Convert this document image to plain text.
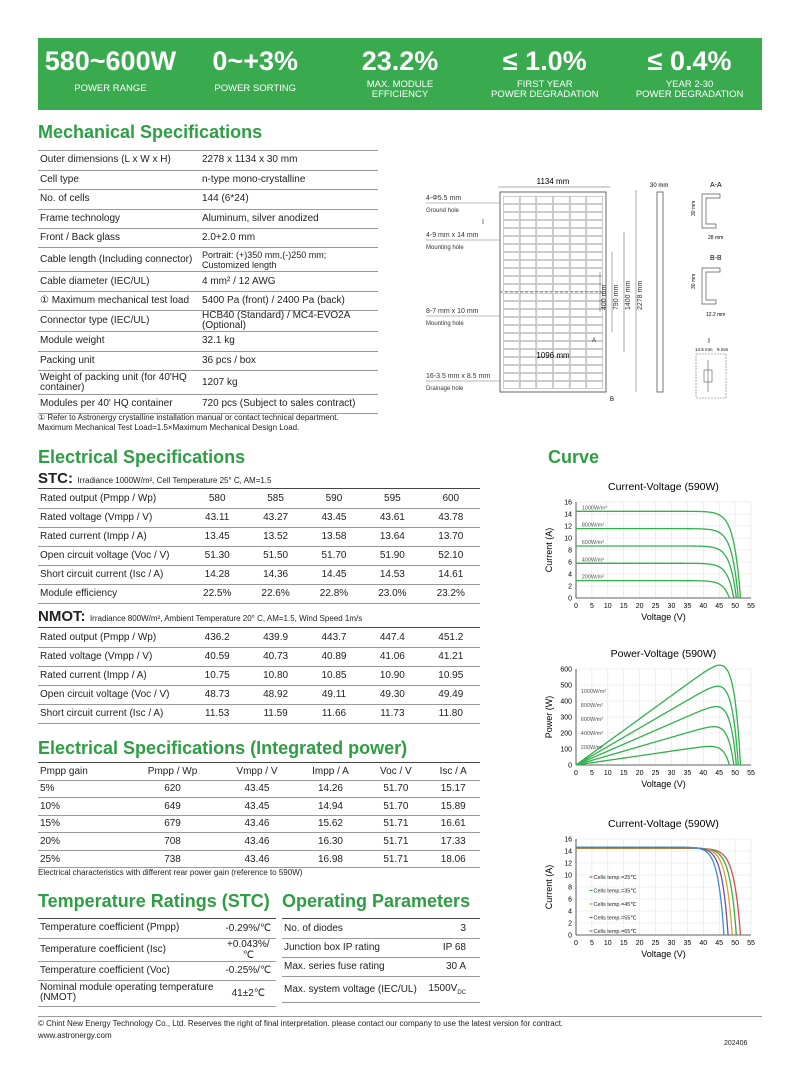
580~600W
POWER RANGE
0~+3%
POWER SORTING
23.2%
MAX. MODULE
EFFICIENCY
≤ 1.0%
FIRST YEAR
POWER DEGRADATION
≤ 0.4%
YEAR 2-30
POWER DEGRADATION
Mechanical Specifications
Outer dimensions (L x W x H)	2278 x 1134 x 30 mm
Cell type	n-type mono-crystalline
No. of cells	144 (6*24)
Frame technology	Aluminum, silver anodized
Front / Back glass	2.0+2.0 mm
Cable length (Including connector)	Portrait: (+)350 mm,(-)250 mm; Customized length
Cable diameter (IEC/UL)	4 mm² / 12 AWG
① Maximum mechanical test load	5400 Pa (front) / 2400 Pa (back)
Connector type (IEC/UL)	HCB40 (Standard) / MC4-EVO2A (Optional)
Module weight	32.1 kg
Packing unit	36 pcs / box
Weight of packing unit (for 40'HQ container)	1207 kg
Modules per 40' HQ container	720 pcs (Subject to sales contract)
① Refer to Astronergy crystalline installation manual or contact technical department.
Maximum Mechanical Test Load=1.5×Maximum Mechanical Design Load.
1134 mm
1096 mm
B
4-Φ5.5 mm
Ground hole
I
4-9 mm x 14 mm
Mounting hole
8-7 mm x 10 mm
Mounting hole
16-3.5 mm x 8.5 mm
Drainage hole
400 mm 790 mm 1400 mm 2278 mm
A
30 mm	A-A
30 mm
28 mm
B-B
30 mm
12.2 mm
I
14.5 mm 9 mm
Electrical Specifications
STC: Irradiance 1000W/m², Cell Temperature 25° C, AM=1.5
Rated output (Pmpp / Wp)	580	585	590	595	600
Rated voltage (Vmpp / V)	43.11	43.27	43.45	43.61	43.78
Rated current (Impp / A)	13.45	13.52	13.58	13.64	13.70
Open circuit voltage (Voc / V)	51.30	51.50	51.70	51.90	52.10
Short circuit current (Isc / A)	14.28	14.36	14.45	14.53	14.61
Module efficiency	22.5%	22.6%	22.8%	23.0%	23.2%
NMOT: Irradiance 800W/m², Ambient Temperature 20° C, AM=1.5, Wind Speed 1m/s
Rated output (Pmpp / Wp)	436.2	439.9	443.7	447.4	451.2
Rated voltage (Vmpp / V)	40.59	40.73	40.89	41.06	41.21
Rated current (Impp / A)	10.75	10.80	10.85	10.90	10.95
Open circuit voltage (Voc / V)	48.73	48.92	49.11	49.30	49.49
Short circuit current (Isc / A)	11.53	11.59	11.66	11.73	11.80
Electrical Specifications (Integrated power)
Pmpp gain	Pmpp / Wp	Vmpp / V	Impp / A	Voc / V	Isc / A
5%	620	43.45	14.26	51.70	15.17
10%	649	43.45	14.94	51.70	15.89
15%	679	43.46	15.62	51.71	16.61
20%	708	43.46	16.30	51.71	17.33
25%	738	43.46	16.98	51.71	18.06
Electrical characteristics with different rear power gain (reference to 590W)
Temperature Ratings (STC) Operating Parameters
Temperature coefficient (Pmpp)	-0.29%/℃
Temperature coefficient (Isc)	+0.043%/℃
Temperature coefficient (Voc)	-0.25%/℃
Nominal module operating temperature (NMOT)	41±2℃
No. of diodes	3
Junction box IP rating	IP 68
Max. series fuse rating	30 A
Max. system voltage (IEC/UL)	$1500V_{DC}$
Curve
Current-Voltage (590W)
0
2
4
6
8
10
12
14
16
0 5 10 15 20 25 30 35 40 45 50 55
Voltage (V)
Current (A)
1000W/m²
800W/m²
600W/m²
400W/m²
200W/m²
Power-Voltage (590W)
0
100
200
300
400
500
600
0 5 10 15 20 25 30 35 40 45 50 55
Voltage (V)
Power (W)
1000W/m²
800W/m²
600W/m²
400W/m²
200W/m²
Current-Voltage (590W)
0
2
4
6
8
10
12
14
16
0 5 10 15 20 25 30 35 40 45 50 55
Voltage (V)
Current (A)	Cells temp.=25℃
Cells temp.=35℃
Cells temp.=45℃
Cells temp.=55℃
Cells temp.=65℃
© Chint New Energy Technology Co., Ltd. Reserves the right of final interpretation. please contact our company to use the latest version for contract.
www.astronergy.com
202406
